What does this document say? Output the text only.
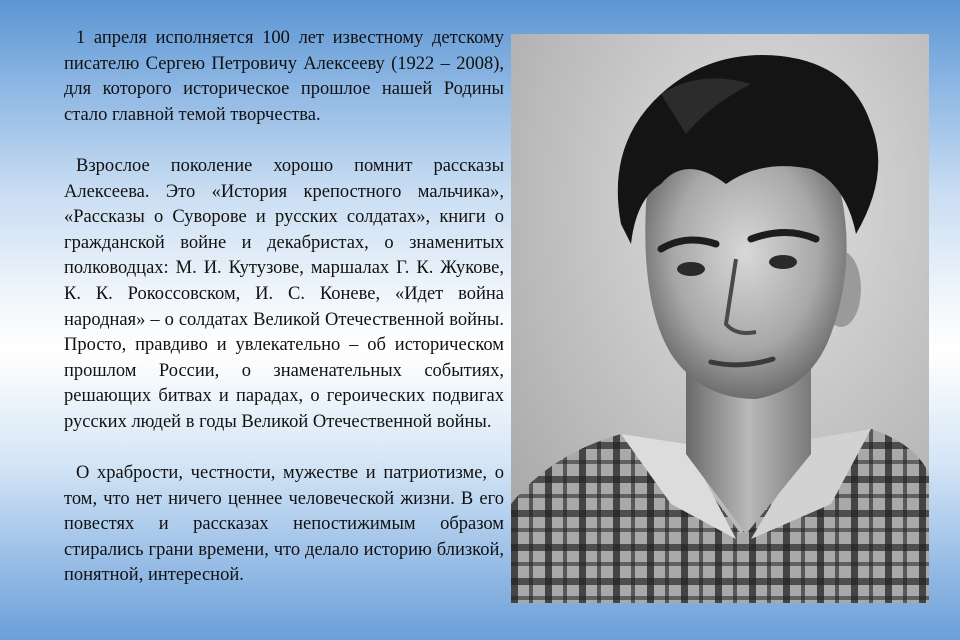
1 апреля исполняется 100 лет известному детскому писателю Сергею Петровичу Алексееву (1922 – 2008), для которого историческое прошлое нашей Родины стало главной темой творчества.

Взрослое поколение хорошо помнит рассказы Алексеева. Это «История крепостного мальчика», «Рассказы о Суворове и русских солдатах», книги о гражданской войне и декабристах, о знаменитых полководцах: М. И. Кутузове, маршалах Г. К. Жукове, К. К. Рокоссовском, И. С. Коневе, «Идет война народная» – о солдатах Великой Отечественной войны. Просто, правдиво и увлекательно – об историческом прошлом России, о знаменательных событиях, решающих битвах и парадах, о героических подвигах русских людей в годы Великой Отечественной войны.

О храбрости, честности, мужестве и патриотизме, о том, что нет ничего ценнее человеческой жизни. В его повестях и рассказах непостижимым образом стирались грани времени, что делало историю близкой, понятной, интересной.
